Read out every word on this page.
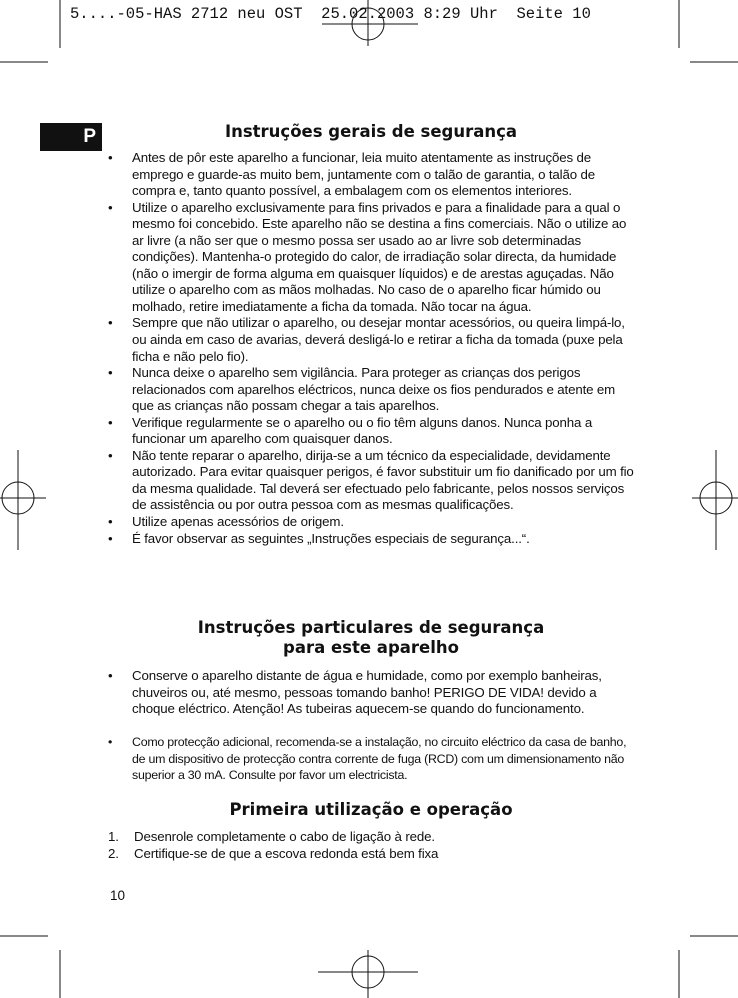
5....-05-HAS 2712 neu OST  25.02.2003 8:29 Uhr  Seite 10
P	Instruções gerais de segurança
• Antes de pôr este aparelho a funcionar, leia muito atentamente as instruções de emprego e guarde-as muito bem, juntamente com o talão de garantia, o talão de compra e, tanto quanto possível, a embalagem com os elementos interiores.
• Utilize o aparelho exclusivamente para fins privados e para a finalidade para a qual o mesmo foi concebido. Este aparelho não se destina a fins comerciais. Não o utilize ao ar livre (a não ser que o mesmo possa ser usado ao ar livre sob determinadas condições). Mantenha-o protegido do calor, de irradiação solar directa, da humidade (não o imergir de forma alguma em quaisquer líquidos) e de arestas aguçadas. Não utilize o aparelho com as mãos molhadas. No caso de o aparelho ficar húmido ou molhado, retire imediatamente a ficha da tomada. Não tocar na água.
• Sempre que não utilizar o aparelho, ou desejar montar acessórios, ou queira limpá-lo, ou ainda em caso de avarias, deverá desligá-lo e retirar a ficha da tomada (puxe pela ficha e não pelo fio).
• Nunca deixe o aparelho sem vigilância. Para proteger as crianças dos perigos relacionados com aparelhos eléctricos, nunca deixe os fios pendurados e atente em que as crianças não possam chegar a tais aparelhos.
• Verifique regularmente se o aparelho ou o fio têm alguns danos. Nunca ponha a funcionar um aparelho com quaisquer danos.
• Não tente reparar o aparelho, dirija-se a um técnico da especialidade, devidamente autorizado. Para evitar quaisquer perigos, é favor substituir um fio danificado por um fio da mesma qualidade. Tal deverá ser efectuado pelo fabricante, pelos nossos serviços de assistência ou por outra pessoa com as mesmas qualificações.
• Utilize apenas acessórios de origem.
• É favor observar as seguintes „Instruções especiais de segurança...“.
Instruções particulares de segurança
para este aparelho
• Conserve o aparelho distante de água e humidade, como por exemplo banheiras, chuveiros ou, até mesmo, pessoas tomando banho! PERIGO DE VIDA! devido a choque eléctrico. Atenção! As tubeiras aquecem-se quando do funcionamento.
• Como protecção adicional, recomenda-se a instalação, no circuito eléctrico da casa de banho, de um dispositivo de protecção contra corrente de fuga (RCD) com um dimensionamento não superior a 30 mA. Consulte por favor um electricista.
Primeira utilização e operação
1. Desenrole completamente o cabo de ligação à rede.
2. Certifique-se de que a escova redonda está bem fixa
10
